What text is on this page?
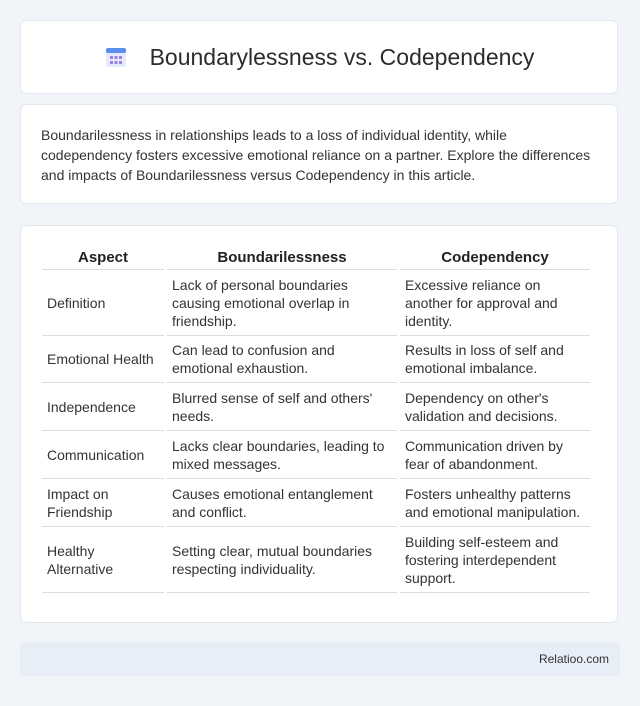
Boundarylessness vs. Codependency

Boundarilessness in relationships leads to a loss of individual identity, while codependency fosters excessive emotional reliance on a partner. Explore the differences and impacts of Boundarilessness versus Codependency in this article.

Aspect	Boundarilessness	Codependency
Definition	Lack of personal boundaries causing emotional overlap in friendship.	Excessive reliance on another for approval and identity.
Emotional Health	Can lead to confusion and emotional exhaustion.	Results in loss of self and emotional imbalance.
Independence	Blurred sense of self and others' needs.	Dependency on other's validation and decisions.
Communication	Lacks clear boundaries, leading to mixed messages.	Communication driven by fear of abandonment.
Impact on Friendship	Causes emotional entanglement and conflict.	Fosters unhealthy patterns and emotional manipulation.
Healthy Alternative	Setting clear, mutual boundaries respecting individuality.	Building self-esteem and fostering interdependent support.
Relatioo.com
